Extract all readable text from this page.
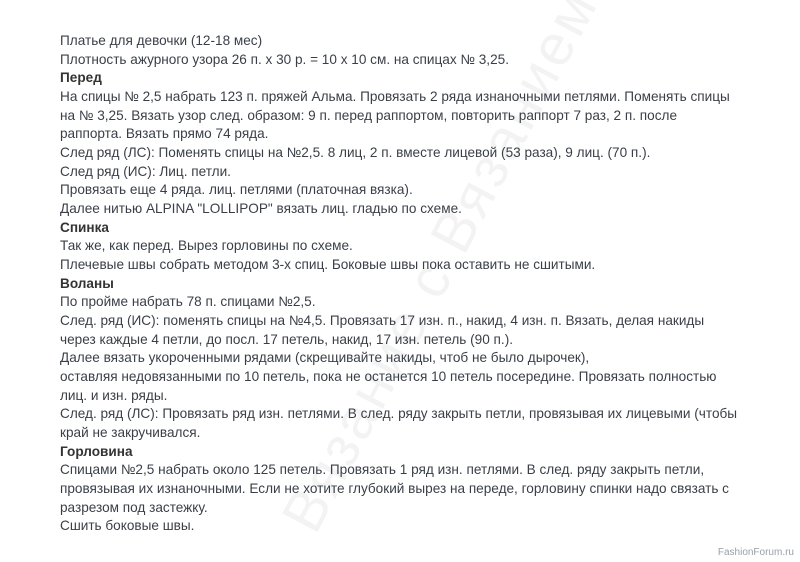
Платье для девочки (12-18 мес)
Плотность ажурного узора 26 п. х 30 р. = 10 х 10 см. на спицах № 3,25.
Перед
На спицы № 2,5 набрать 123 п. пряжей Альма. Провязать 2 ряда изнаночными петлями. Поменять спицы
на № 3,25. Вязать узор след. образом: 9 п. перед раппортом, повторить раппорт 7 раз, 2 п. после
раппорта. Вязать прямо 74 ряда.
След ряд (ЛС): Поменять спицы на №2,5. 8 лиц, 2 п. вместе лицевой (53 раза), 9 лиц. (70 п.).
След ряд (ИС): Лиц. петли.
Провязать еще 4 ряда. лиц. петлями (платочная вязка).
Далее нитью ALPINA "LOLLIPOP" вязать лиц. гладью по схеме.
Спинка
Так же, как перед. Вырез горловины по схеме.
Плечевые швы собрать методом 3-х спиц. Боковые швы пока оставить не сшитыми.
Воланы
По пройме набрать 78 п. спицами №2,5.
След. ряд (ИС): поменять спицы на №4,5. Провязать 17 изн. п., накид, 4 изн. п. Вязать, делая накиды
через каждые 4 петли, до посл. 17 петель, накид, 17 изн. петель (90 п.).
Далее вязать укороченными рядами (скрещивайте накиды, чтоб не было дырочек),
оставляя недовязанными по 10 петель, пока не останется 10 петель посередине. Провязать полностью
лиц. и изн. ряды.
След. ряд (ЛС): Провязать ряд изн. петлями. В след. ряду закрыть петли, провязывая их лицевыми (чтобы
край не закручивался.
Горловина
Спицами №2,5 набрать около 125 петель. Провязать 1 ряд изн. петлями. В след. ряду закрыть петли,
провязывая их изнаночными. Если не хотите глубокий вырез на переде, горловину спинки надо связать с
разрезом под застежку.
Сшить боковые швы.
FashionForum.ru
